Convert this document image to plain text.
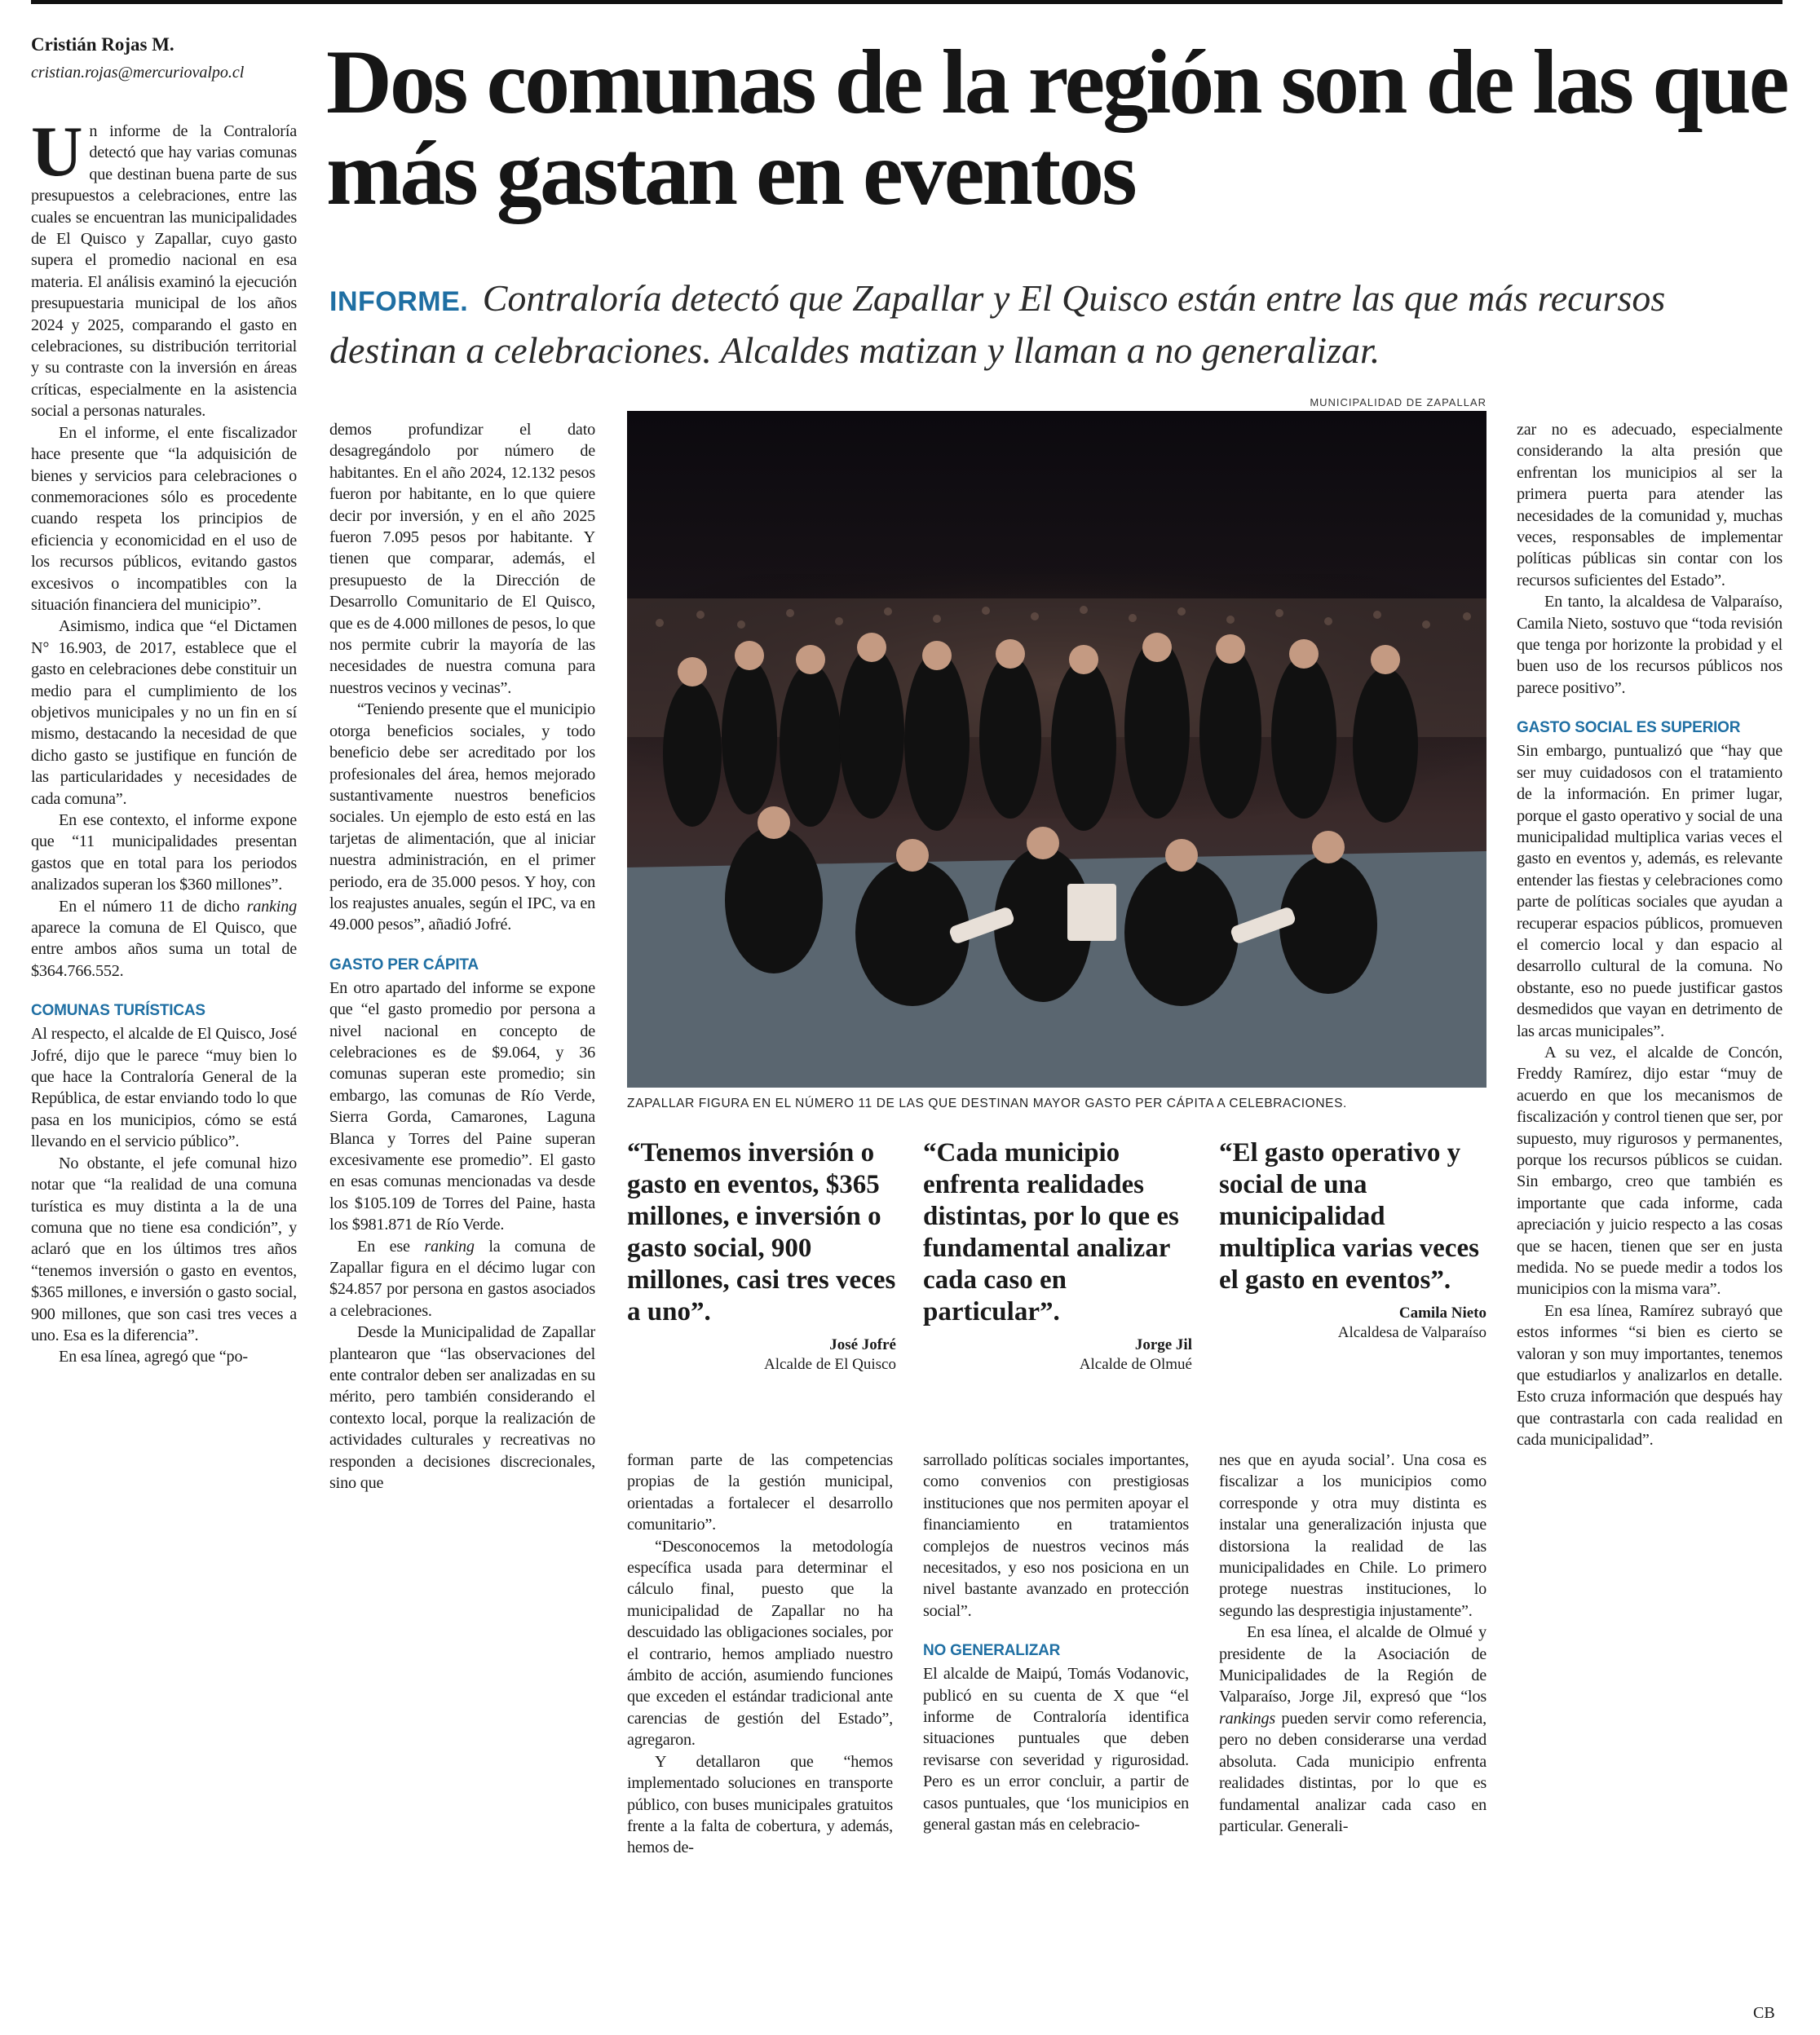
Cristián Rojas M.
cristian.rojas@mercuriovalpo.cl Dos comunas de la región son de las que más gastan en eventos
INFORME. Contraloría detectó que Zapallar y El Quisco están entre las que más recursos destinan a celebraciones. Alcaldes matizan y llaman a no generalizar.

Un informe de la Contraloría detectó que hay varias comunas que destinan buena parte de sus presupuestos a celebraciones, entre las cuales se encuentran las municipalidades de El Quisco y Zapallar, cuyo gasto supera el promedio nacional en esa materia. El análisis examinó la ejecución presupuestaria municipal de los años 2024 y 2025, comparando el gasto en celebraciones, su distribución territorial y su contraste con la inversión en áreas críticas, especialmente en la asistencia social a personas naturales.

En el informe, el ente fiscalizador hace presente que “la adquisición de bienes y servicios para celebraciones o conmemoraciones sólo es procedente cuando respeta los principios de eficiencia y economicidad en el uso de los recursos públicos, evitando gastos excesivos o incompatibles con la situación financiera del municipio”.

Asimismo, indica que “el Dictamen N° 16.903, de 2017, establece que el gasto en celebraciones debe constituir un medio para el cumplimiento de los objetivos municipales y no un fin en sí mismo, destacando la necesidad de que dicho gasto se justifique en función de las particularidades y necesidades de cada comuna”.

En ese contexto, el informe expone que “11 municipalidades presentan gastos que en total para los periodos analizados superan los $360 millones”.

En el número 11 de dicho ranking aparece la comuna de El Quisco, que entre ambos años suma un total de $364.766.552.

COMUNAS TURÍSTICAS

Al respecto, el alcalde de El Quisco, José Jofré, dijo que le parece “muy bien lo que hace la Contraloría General de la República, de estar enviando todo lo que pasa en los municipios, cómo se está llevando en el servicio público”.

No obstante, el jefe comunal hizo notar que “la realidad de una comuna turística es muy distinta a la de una comuna que no tiene esa condición”, y aclaró que en los últimos tres años “tenemos inversión o gasto en eventos, $365 millones, e inversión o gasto social, 900 millones, que son casi tres veces a uno. Esa es la diferencia”.

En esa línea, agregó que “po-

demos profundizar el dato desagregándolo por número de habitantes. En el año 2024, 12.132 pesos fueron por habitante, en lo que quiere decir por inversión, y en el año 2025 fueron 7.095 pesos por habitante. Y tienen que comparar, además, el presupuesto de la Dirección de Desarrollo Comunitario de El Quisco, que es de 4.000 millones de pesos, lo que nos permite cubrir la mayoría de las necesidades de nuestra comuna para nuestros vecinos y vecinas”.

“Teniendo presente que el municipio otorga beneficios sociales, y todo beneficio debe ser acreditado por los profesionales del área, hemos mejorado sustantivamente nuestros beneficios sociales. Un ejemplo de esto está en las tarjetas de alimentación, que al iniciar nuestra administración, en el primer periodo, era de 35.000 pesos. Y hoy, con los reajustes anuales, según el IPC, va en 49.000 pesos”, añadió Jofré.

GASTO PER CÁPITA

En otro apartado del informe se expone que “el gasto promedio por persona a nivel nacional en concepto de celebraciones es de $9.064, y 36 comunas superan este promedio; sin embargo, las comunas de Río Verde, Sierra Gorda, Camarones, Laguna Blanca y Torres del Paine superan excesivamente ese promedio”. El gasto en esas comunas mencionadas va desde los $105.109 de Torres del Paine, hasta los $981.871 de Río Verde.

En ese ranking la comuna de Zapallar figura en el décimo lugar con $24.857 por persona en gastos asociados a celebraciones.

Desde la Municipalidad de Zapallar plantearon que “las observaciones del ente contralor deben ser analizadas en su mérito, pero también considerando el contexto local, porque la realización de actividades culturales y recreativas no responden a decisiones discrecionales, sino que

MUNICIPALIDAD DE ZAPALLAR
ZAPALLAR FIGURA EN EL NÚMERO 11 DE LAS QUE DESTINAN MAYOR GASTO PER CÁPITA A CELEBRACIONES.
“Tenemos inversión o gasto en eventos, $365 millones, e inversión o gasto social, 900 millones, casi tres veces a uno”.
José Jofré
Alcalde de El Quisco
“Cada municipio enfrenta realidades distintas, por lo que es fundamental analizar cada caso en particular”.
Jorge Jil
Alcalde de Olmué
“El gasto operativo y social de una municipalidad multiplica varias veces el gasto en eventos”.
Camila Nieto
Alcaldesa de Valparaíso

forman parte de las competencias propias de la gestión municipal, orientadas a fortalecer el desarrollo comunitario”.

“Desconocemos la metodología específica usada para determinar el cálculo final, puesto que la municipalidad de Zapallar no ha descuidado las obligaciones sociales, por el contrario, hemos ampliado nuestro ámbito de acción, asumiendo funciones que exceden el estándar tradicional ante carencias de gestión del Estado”, agregaron.

Y detallaron que “hemos implementado soluciones en transporte público, con buses municipales gratuitos frente a la falta de cobertura, y además, hemos de-

sarrollado políticas sociales importantes, como convenios con prestigiosas instituciones que nos permiten apoyar el financiamiento en tratamientos complejos de nuestros vecinos más necesitados, y eso nos posiciona en un nivel bastante avanzado en protección social”.

NO GENERALIZAR

El alcalde de Maipú, Tomás Vodanovic, publicó en su cuenta de X que “el informe de Contraloría identifica situaciones puntuales que deben revisarse con severidad y rigurosidad. Pero es un error concluir, a partir de casos puntuales, que ‘los municipios en general gastan más en celebracio-

nes que en ayuda social’. Una cosa es fiscalizar a los municipios como corresponde y otra muy distinta es instalar una generalización injusta que distorsiona la realidad de las municipalidades en Chile. Lo primero protege nuestras instituciones, lo segundo las desprestigia injustamente”.

En esa línea, el alcalde de Olmué y presidente de la Asociación de Municipalidades de la Región de Valparaíso, Jorge Jil, expresó que “los rankings pueden servir como referencia, pero no deben considerarse una verdad absoluta. Cada municipio enfrenta realidades distintas, por lo que es fundamental analizar cada caso en particular. Generali-

zar no es adecuado, especialmente considerando la alta presión que enfrentan los municipios al ser la primera puerta para atender las necesidades de la comunidad y, muchas veces, responsables de implementar políticas públicas sin contar con los recursos suficientes del Estado”.

En tanto, la alcaldesa de Valparaíso, Camila Nieto, sostuvo que “toda revisión que tenga por horizonte la probidad y el buen uso de los recursos públicos nos parece positivo”.

GASTO SOCIAL ES SUPERIOR

Sin embargo, puntualizó que “hay que ser muy cuidadosos con el tratamiento de la información. En primer lugar, porque el gasto operativo y social de una municipalidad multiplica varias veces el gasto en eventos y, además, es relevante entender las fiestas y celebraciones como parte de políticas sociales que ayudan a recuperar espacios públicos, promueven el comercio local y dan espacio al desarrollo cultural de la comuna. No obstante, eso no puede justificar gastos desmedidos que vayan en detrimento de las arcas municipales”.

A su vez, el alcalde de Concón, Freddy Ramírez, dijo estar “muy de acuerdo en que los mecanismos de fiscalización y control tienen que ser, por supuesto, muy rigurosos y permanentes, porque los recursos públicos se cuidan. Sin embargo, creo que también es importante que cada informe, cada apreciación y juicio respecto a las cosas que se hacen, tienen que ser en justa medida. No se puede medir a todos los municipios con la misma vara”.

En esa línea, Ramírez subrayó que estos informes “si bien es cierto se valoran y son muy importantes, tenemos que estudiarlos y analizarlos en detalle. Esto cruza información que después hay que contrastarla con cada realidad en cada municipalidad”.

CB
